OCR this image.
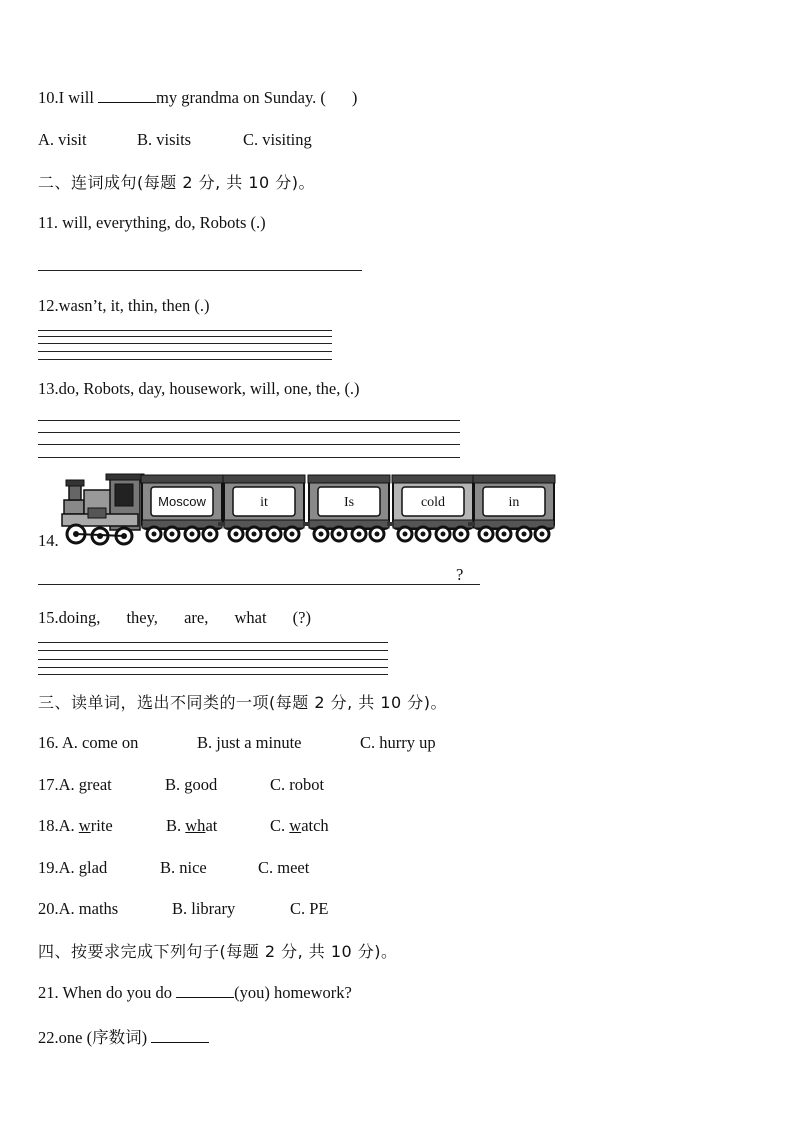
10.I will	my grandma on Sunday. ( )
A. visit	B. visits	C. visiting
二、连词成句(每题 2 分, 共 10 分)。
11. will, everything, do, Robots (.)
12.wasn’t, it, thin, then (.)
13.do, Robots, day, housework, will, one, the, (.)
14.
Moscow	it	Is	cold	in
?
15.doing, they, are, what (?)
三、读单词，选出不同类的一项(每题 2 分, 共 10 分)。
16. A. come on	B. just a minute	C. hurry up
17.A. great	B. good	C. robot
18.A. write	B. what	C. watch
19.A. glad	B. nice	C. meet
20.A. maths	B. library	C. PE
四、按要求完成下列句子(每题 2 分, 共 10 分)。
21. When do you do	(you) homework?
22.one (序数词)
